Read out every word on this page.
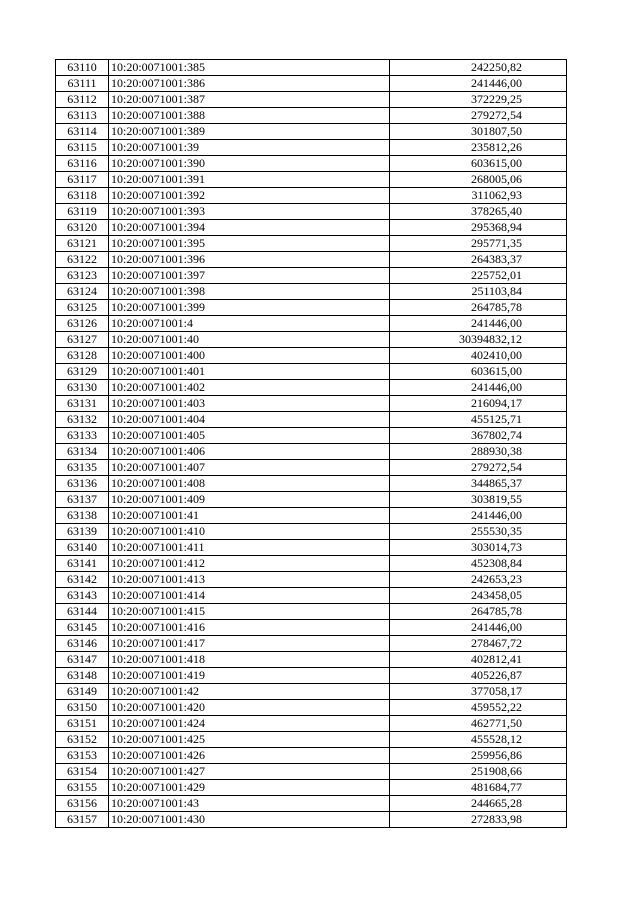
63110	10:20:0071001:385	242250,82
63111	10:20:0071001:386	241446,00
63112	10:20:0071001:387	372229,25
63113	10:20:0071001:388	279272,54
63114	10:20:0071001:389	301807,50
63115	10:20:0071001:39	235812,26
63116	10:20:0071001:390	603615,00
63117	10:20:0071001:391	268005,06
63118	10:20:0071001:392	311062,93
63119	10:20:0071001:393	378265,40
63120	10:20:0071001:394	295368,94
63121	10:20:0071001:395	295771,35
63122	10:20:0071001:396	264383,37
63123	10:20:0071001:397	225752,01
63124	10:20:0071001:398	251103,84
63125	10:20:0071001:399	264785,78
63126	10:20:0071001:4	241446,00
63127	10:20:0071001:40	30394832,12
63128	10:20:0071001:400	402410,00
63129	10:20:0071001:401	603615,00
63130	10:20:0071001:402	241446,00
63131	10:20:0071001:403	216094,17
63132	10:20:0071001:404	455125,71
63133	10:20:0071001:405	367802,74
63134	10:20:0071001:406	288930,38
63135	10:20:0071001:407	279272,54
63136	10:20:0071001:408	344865,37
63137	10:20:0071001:409	303819,55
63138	10:20:0071001:41	241446,00
63139	10:20:0071001:410	255530,35
63140	10:20:0071001:411	303014,73
63141	10:20:0071001:412	452308,84
63142	10:20:0071001:413	242653,23
63143	10:20:0071001:414	243458,05
63144	10:20:0071001:415	264785,78
63145	10:20:0071001:416	241446,00
63146	10:20:0071001:417	278467,72
63147	10:20:0071001:418	402812,41
63148	10:20:0071001:419	405226,87
63149	10:20:0071001:42	377058,17
63150	10:20:0071001:420	459552,22
63151	10:20:0071001:424	462771,50
63152	10:20:0071001:425	455528,12
63153	10:20:0071001:426	259956,86
63154	10:20:0071001:427	251908,66
63155	10:20:0071001:429	481684,77
63156	10:20:0071001:43	244665,28
63157	10:20:0071001:430	272833,98
